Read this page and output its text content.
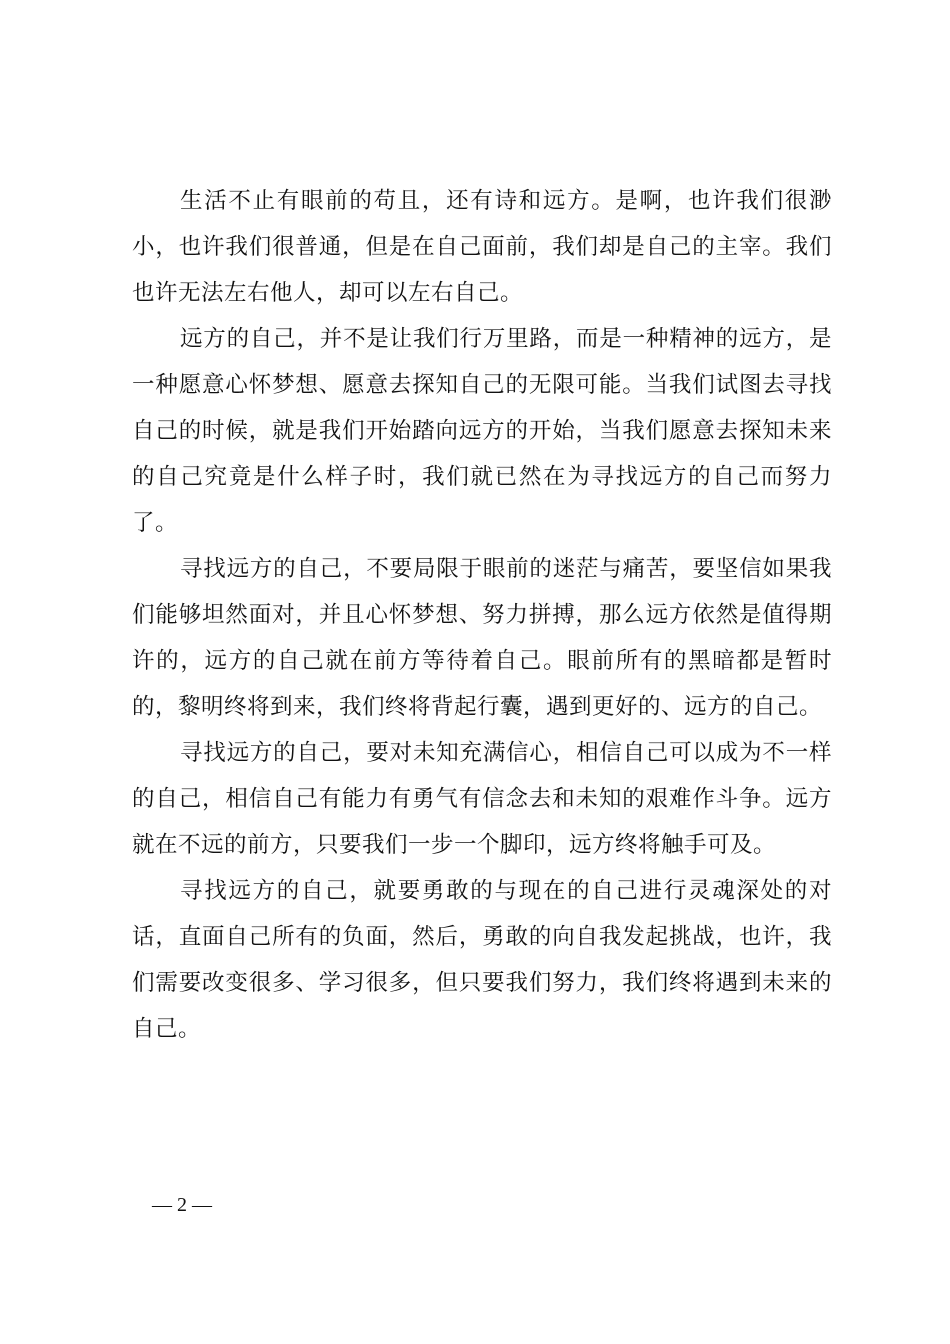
生活不止有眼前的苟且，还有诗和远方。是啊，也许我们很渺小，也许我们很普通，但是在自己面前，我们却是自己的主宰。我们也许无法左右他人，却可以左右自己。

远方的自己，并不是让我们行万里路，而是一种精神的远方，是一种愿意心怀梦想、愿意去探知自己的无限可能。当我们试图去寻找自己的时候，就是我们开始踏向远方的开始，当我们愿意去探知未来的自己究竟是什么样子时，我们就已然在为寻找远方的自己而努力了。

寻找远方的自己，不要局限于眼前的迷茫与痛苦，要坚信如果我们能够坦然面对，并且心怀梦想、努力拼搏，那么远方依然是值得期许的，远方的自己就在前方等待着自己。眼前所有的黑暗都是暂时的，黎明终将到来，我们终将背起行囊，遇到更好的、远方的自己。

寻找远方的自己，要对未知充满信心，相信自己可以成为不一样的自己，相信自己有能力有勇气有信念去和未知的艰难作斗争。远方就在不远的前方，只要我们一步一个脚印，远方终将触手可及。

寻找远方的自己，就要勇敢的与现在的自己进行灵魂深处的对话，直面自己所有的负面，然后，勇敢的向自我发起挑战，也许，我们需要改变很多、学习很多，但只要我们努力，我们终将遇到未来的自己。

— 2 —
